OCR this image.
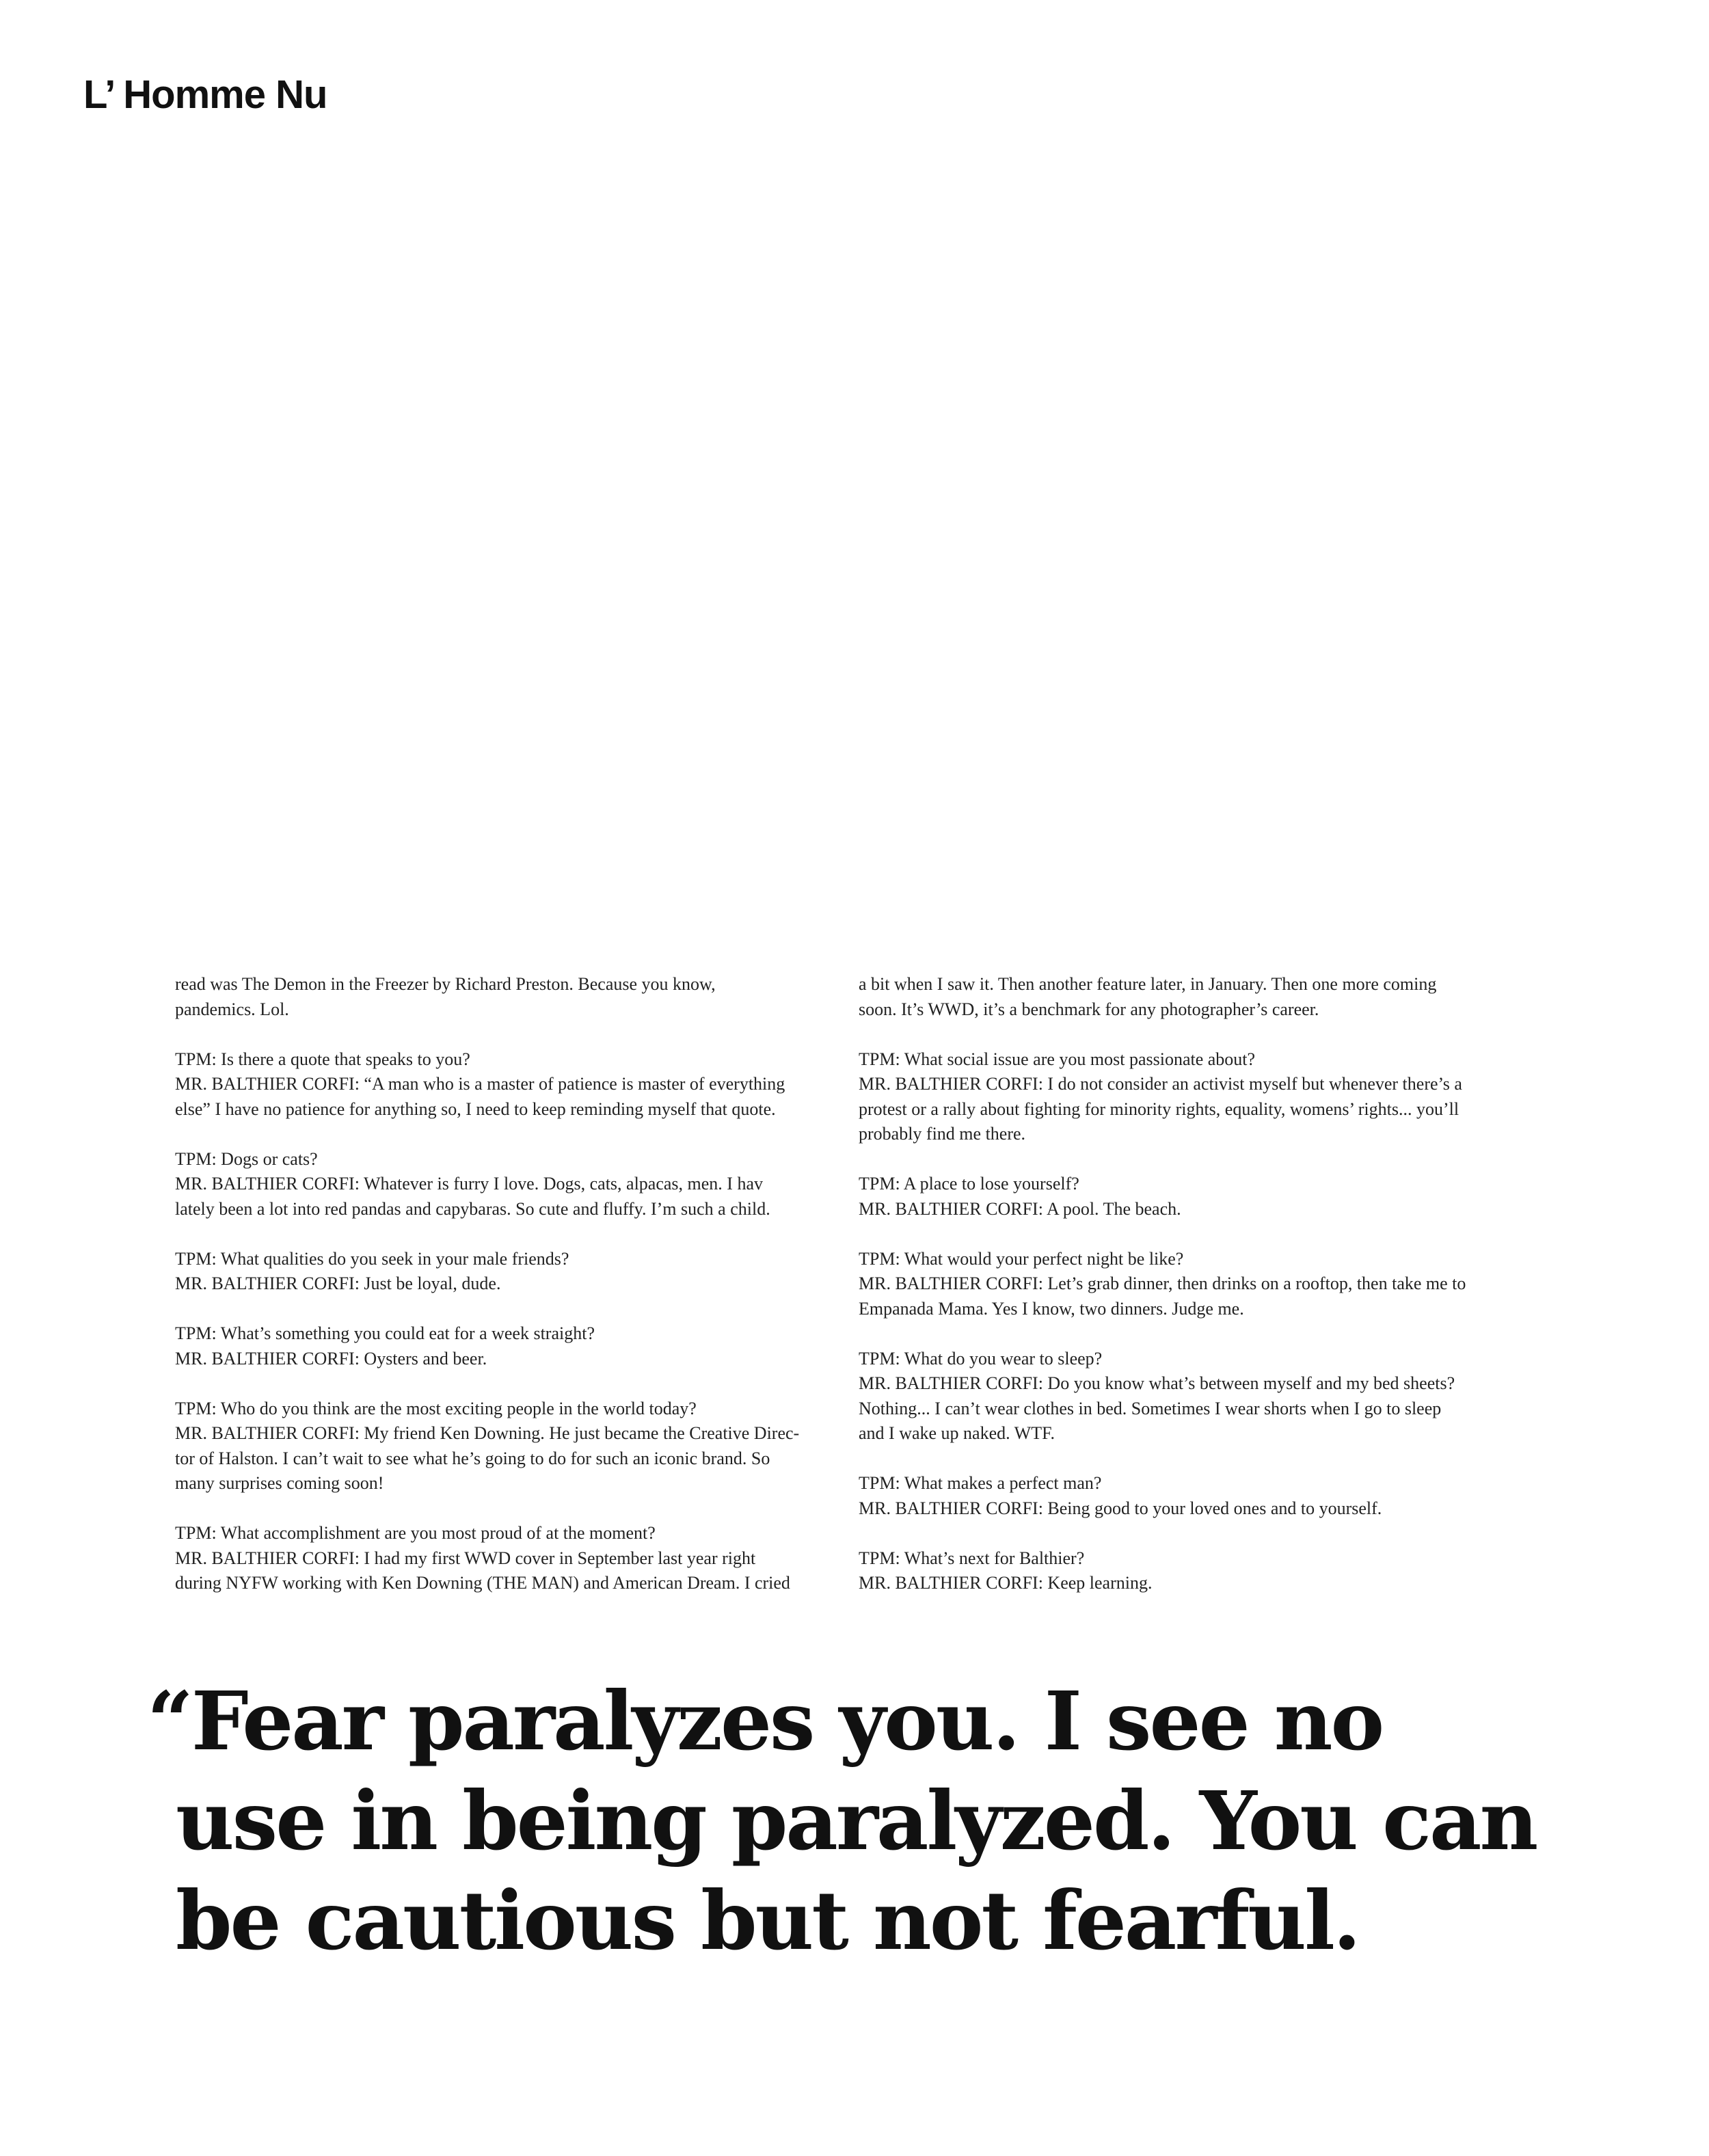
L’ Homme Nu

read was The Demon in the Freezer by Richard Preston. Because you know,
pandemics. Lol.

TPM: Is there a quote that speaks to you?
MR. BALTHIER CORFI: “A man who is a master of patience is master of everything
else” I have no patience for anything so, I need to keep reminding myself that quote.

TPM: Dogs or cats?
MR. BALTHIER CORFI: Whatever is furry I love. Dogs, cats, alpacas, men. I hav
lately been a lot into red pandas and capybaras. So cute and fluffy. I’m such a child.

TPM: What qualities do you seek in your male friends?
MR. BALTHIER CORFI: Just be loyal, dude.

TPM: What’s something you could eat for a week straight?
MR. BALTHIER CORFI: Oysters and beer.

TPM: Who do you think are the most exciting people in the world today?
MR. BALTHIER CORFI: My friend Ken Downing. He just became the Creative Direc-
tor of Halston. I can’t wait to see what he’s going to do for such an iconic brand. So
many surprises coming soon!

TPM: What accomplishment are you most proud of at the moment?
MR. BALTHIER CORFI: I had my first WWD cover in September last year right
during NYFW working with Ken Downing (THE MAN) and American Dream. I cried

a bit when I saw it. Then another feature later, in January. Then one more coming
soon. It’s WWD, it’s a benchmark for any photographer’s career.

TPM: What social issue are you most passionate about?
MR. BALTHIER CORFI: I do not consider an activist myself but whenever there’s a
protest or a rally about fighting for minority rights, equality, womens’ rights... you’ll
probably find me there.

TPM: A place to lose yourself?
MR. BALTHIER CORFI: A pool. The beach.

TPM: What would your perfect night be like?
MR. BALTHIER CORFI: Let’s grab dinner, then drinks on a rooftop, then take me to
Empanada Mama. Yes I know, two dinners. Judge me.

TPM: What do you wear to sleep?
MR. BALTHIER CORFI: Do you know what’s between myself and my bed sheets?
Nothing... I can’t wear clothes in bed. Sometimes I wear shorts when I go to sleep
and I wake up naked. WTF.

TPM: What makes a perfect man?
MR. BALTHIER CORFI: Being good to your loved ones and to yourself.

TPM: What’s next for Balthier?
MR. BALTHIER CORFI: Keep learning.

“Fear paralyzes you. I see no
use in being paralyzed. You can
be cautious but not fearful.
